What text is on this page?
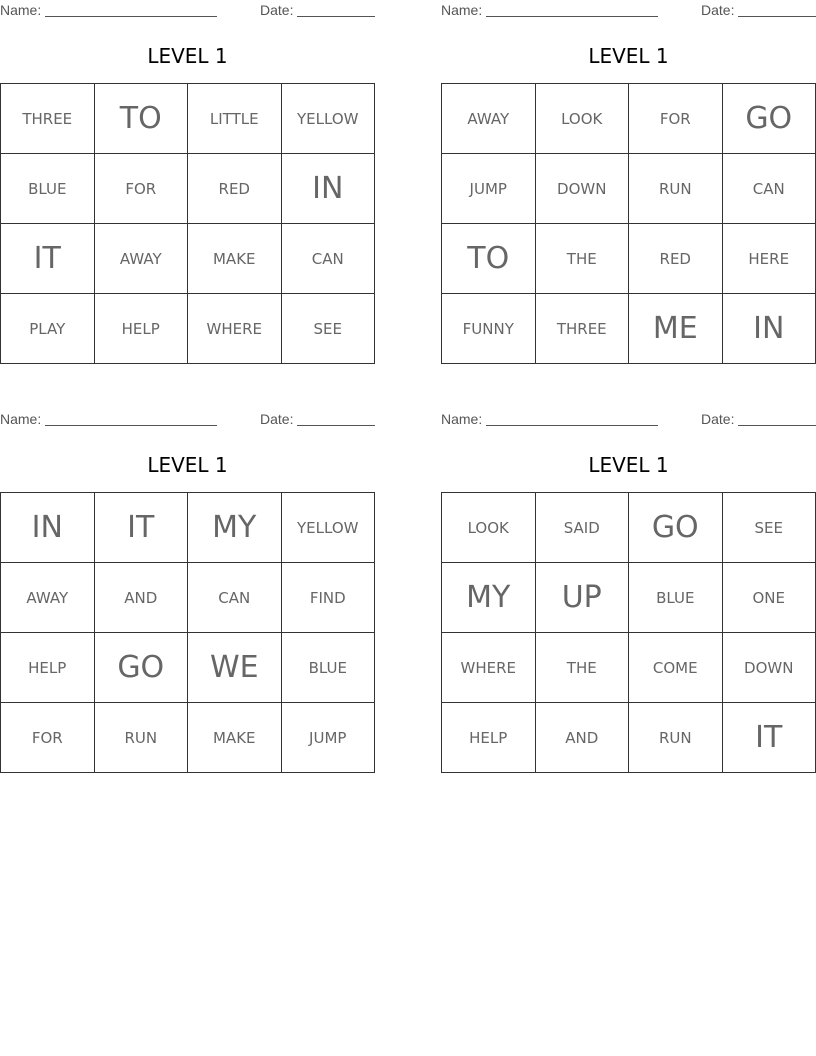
Name:	Date:
LEVEL 1
THREE	TO	LITTLE	YELLOW
BLUE	FOR	RED	IN
IT	AWAY	MAKE	CAN
PLAY	HELP	WHERE	SEE
Name:	Date:
LEVEL 1
AWAY	LOOK	FOR	GO
JUMP	DOWN	RUN	CAN
TO	THE	RED	HERE
FUNNY	THREE	ME	IN
Name:	Date:
LEVEL 1
IN	IT	MY	YELLOW
AWAY	AND	CAN	FIND
HELP	GO	WE	BLUE
FOR	RUN	MAKE	JUMP
Name:	Date:
LEVEL 1
LOOK	SAID	GO	SEE
MY	UP	BLUE	ONE
WHERE	THE	COME	DOWN
HELP	AND	RUN	IT
